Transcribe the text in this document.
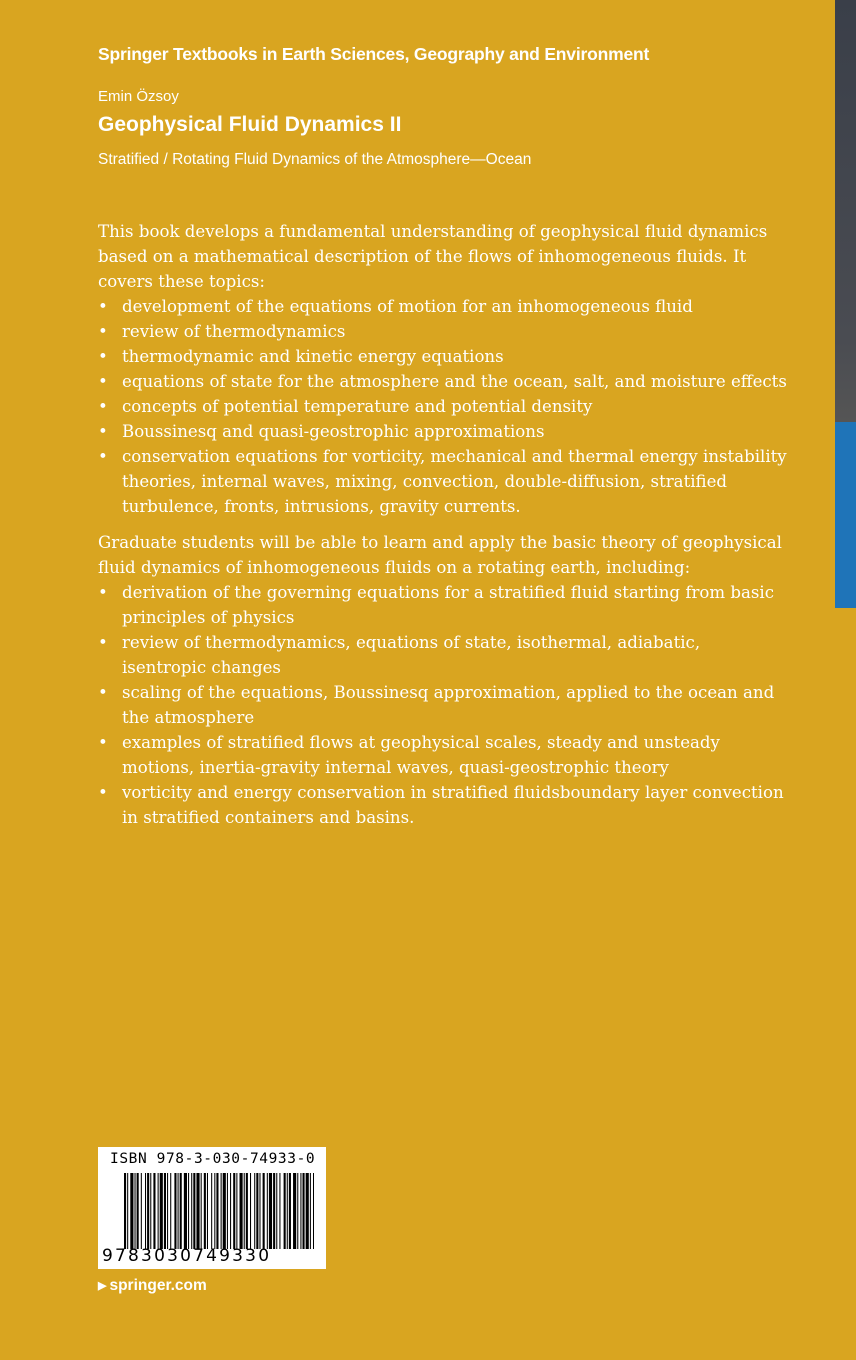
Springer Textbooks in Earth Sciences, Geography and Environment
Emin Özsoy
Geophysical Fluid Dynamics II
Stratified / Rotating Fluid Dynamics of the Atmosphere—Ocean

This book develops a fundamental understanding of geophysical fluid dynamics based on a mathematical description of the flows of inhomogeneous fluids. It covers these topics:

• development of the equations of motion for an inhomogeneous fluid
• review of thermodynamics
• thermodynamic and kinetic energy equations
• equations of state for the atmosphere and the ocean, salt, and moisture effects
• concepts of potential temperature and potential density
• Boussinesq and quasi-geostrophic approximations
• conservation equations for vorticity, mechanical and thermal energy instability theories, internal waves, mixing, convection, double-diffusion, stratified turbulence, fronts, intrusions, gravity currents.

Graduate students will be able to learn and apply the basic theory of geophysical fluid dynamics of inhomogeneous fluids on a rotating earth, including:

• derivation of the governing equations for a stratified fluid starting from basic principles of physics
• review of thermodynamics, equations of state, isothermal, adiabatic, isentropic changes
• scaling of the equations, Boussinesq approximation, applied to the ocean and the atmosphere
• examples of stratified flows at geophysical scales, steady and unsteady motions, inertia-gravity internal waves, quasi-geostrophic theory
• vorticity and energy conservation in stratified fluidsboundary layer convection in stratified containers and basins.
ISBN 978-3-030-74933-0
9783030749330
▶ springer.com
